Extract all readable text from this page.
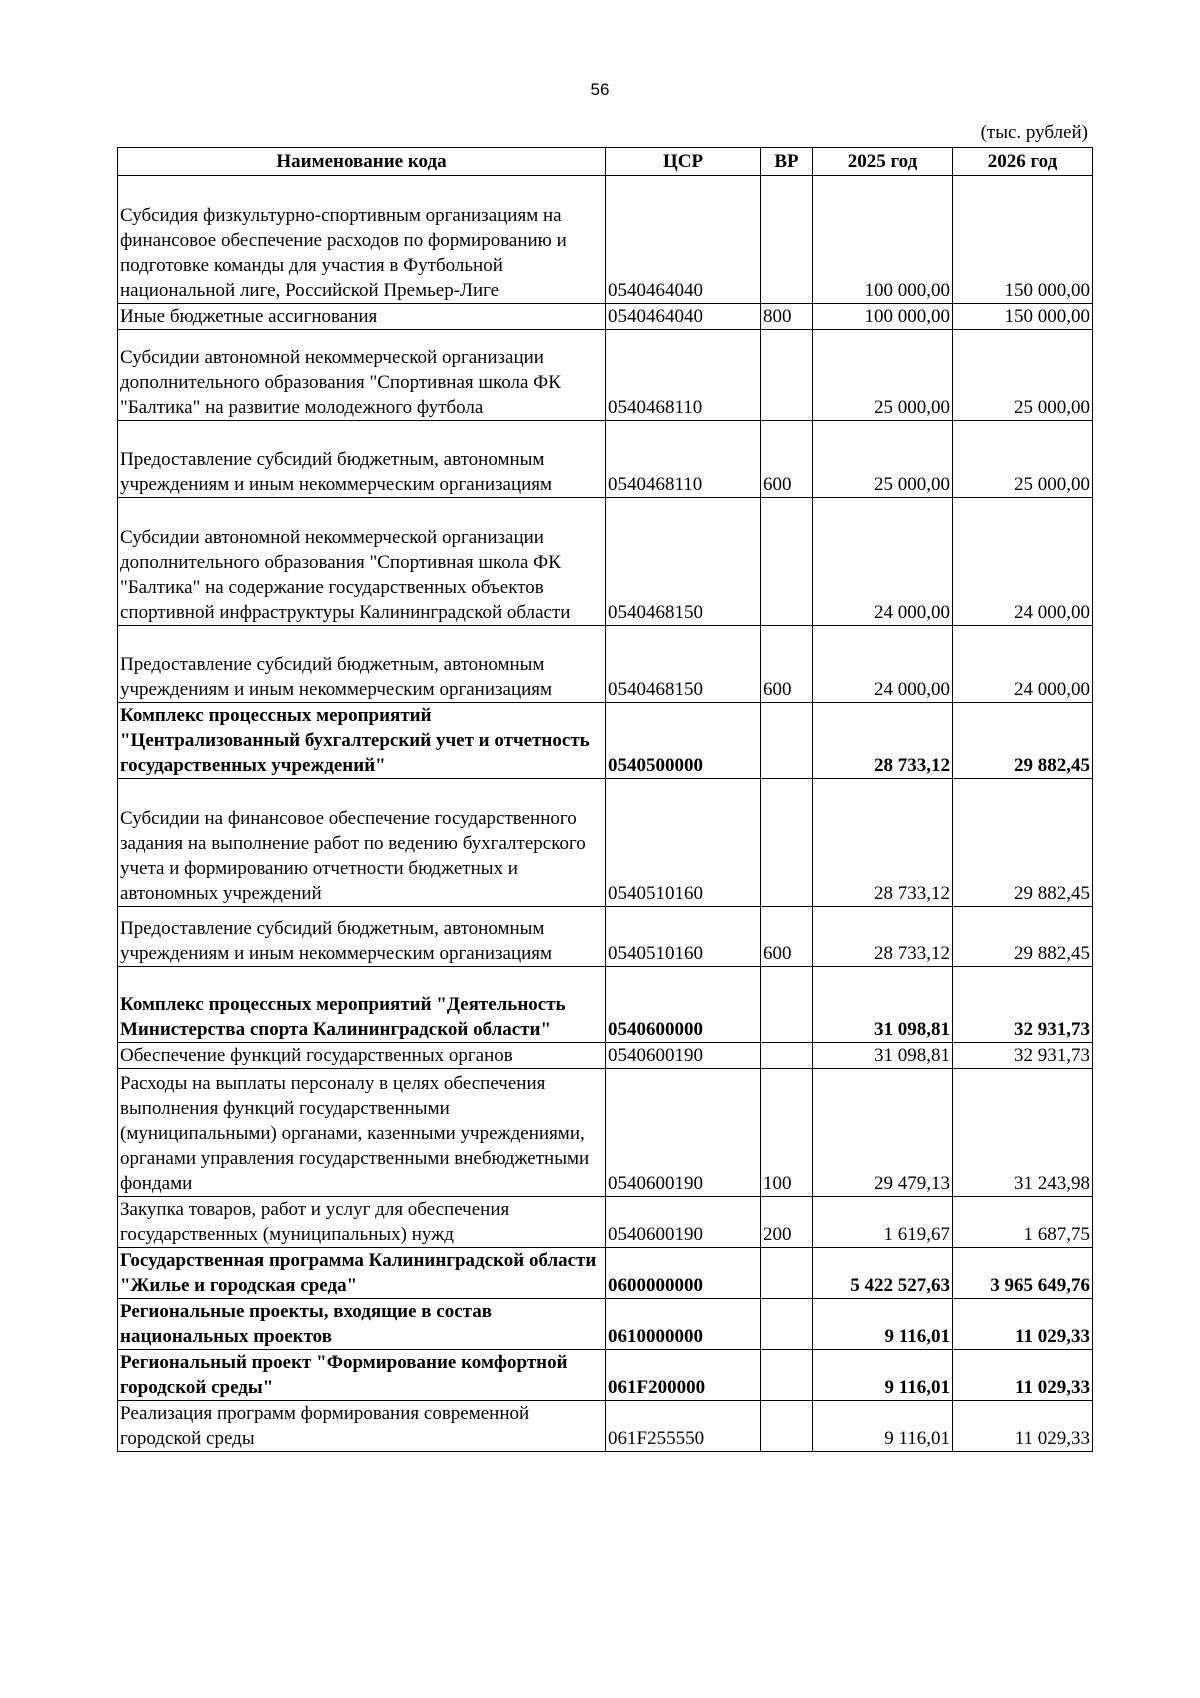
56
(тыс. рублей)
Наименование кода	ЦСР	ВР	2025 год	2026 год
Субсидия физкультурно-спортивным организациям на финансовое обеспечение расходов по формированию и подготовке команды для участия в Футбольной национальной лиге, Российской Премьер-Лиге	0540464040		100 000,00	150 000,00
Иные бюджетные ассигнования	0540464040	800	100 000,00	150 000,00
Субсидии автономной некоммерческой организации дополнительного образования "Спортивная школа ФК "Балтика" на развитие молодежного футбола	0540468110		25 000,00	25 000,00
Предоставление субсидий бюджетным, автономным учреждениям и иным некоммерческим организациям	0540468110	600	25 000,00	25 000,00
Субсидии автономной некоммерческой организации дополнительного образования "Спортивная школа ФК "Балтика" на содержание государственных объектов спортивной инфраструктуры Калининградской области	0540468150		24 000,00	24 000,00
Предоставление субсидий бюджетным, автономным учреждениям и иным некоммерческим организациям	0540468150	600	24 000,00	24 000,00
Комплекс процессных мероприятий "Централизованный бухгалтерский учет и отчетность государственных учреждений"	0540500000		28 733,12	29 882,45
Субсидии на финансовое обеспечение государственного задания на выполнение работ по ведению бухгалтерского учета и формированию отчетности бюджетных и автономных учреждений	0540510160		28 733,12	29 882,45
Предоставление субсидий бюджетным, автономным учреждениям и иным некоммерческим организациям	0540510160	600	28 733,12	29 882,45
Комплекс процессных мероприятий "Деятельность Министерства спорта Калининградской области"	0540600000		31 098,81	32 931,73
Обеспечение функций государственных органов	0540600190		31 098,81	32 931,73
Расходы на выплаты персоналу в целях обеспечения выполнения функций государственными (муниципальными) органами, казенными учреждениями, органами управления государственными внебюджетными фондами	0540600190	100	29 479,13	31 243,98
Закупка товаров, работ и услуг для обеспечения государственных (муниципальных) нужд	0540600190	200	1 619,67	1 687,75
Государственная программа Калининградской области "Жилье и городская среда"	0600000000		5 422 527,63	3 965 649,76
Региональные проекты, входящие в состав национальных проектов	0610000000		9 116,01	11 029,33
Региональный проект "Формирование комфортной городской среды"	061F200000		9 116,01	11 029,33
Реализация программ формирования современной городской среды	061F255550		9 116,01	11 029,33
